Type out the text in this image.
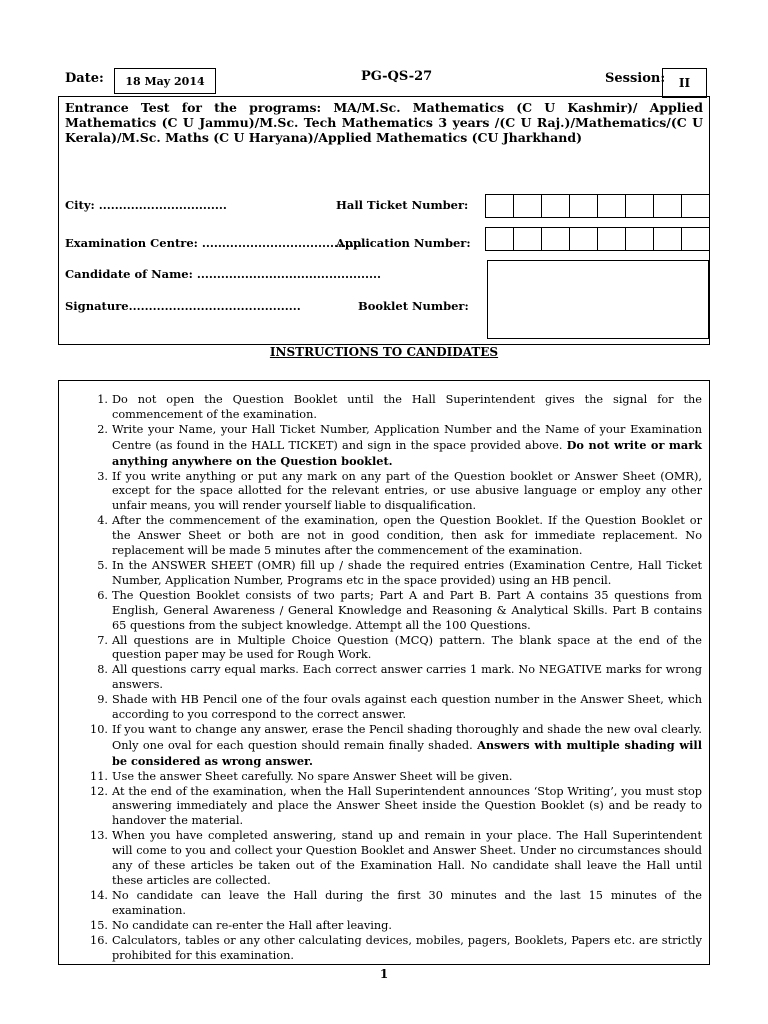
Date:	18 May 2014	PG-QS-27	Session:	II
Entrance Test for the programs: MA/M.Sc. Mathematics (C U Kashmir)/ Applied Mathematics (C U Jammu)/M.Sc. Tech Mathematics 3 years /(C U Raj.)/Mathematics/(C U Kerala)/M.Sc. Maths (C U Haryana)/Applied Mathematics (CU Jharkhand)
City: ................................	Hall Ticket Number:
Examination Centre: ..........................................
Application Number:
Candidate of Name: ..............................................
Signature...........................................	Booklet Number:
INSTRUCTIONS TO CANDIDATES
1. Do not open the Question Booklet until the Hall Superintendent gives the signal for the commencement of the examination.
2. Write your Name, your Hall Ticket Number, Application Number and the Name of your Examination Centre (as found in the HALL TICKET) and sign in the space provided above. Do not write or mark anything anywhere on the Question booklet.
3. If you write anything or put any mark on any part of the Question booklet or Answer Sheet (OMR), except for the space allotted for the relevant entries, or use abusive language or employ any other unfair means, you will render yourself liable to disqualification.
4. After the commencement of the examination, open the Question Booklet. If the Question Booklet or the Answer Sheet or both are not in good condition, then ask for immediate replacement. No replacement will be made 5 minutes after the commencement of the examination.
5. In the ANSWER SHEET (OMR) fill up / shade the required entries (Examination Centre, Hall Ticket Number, Application Number, Programs etc in the space provided) using an HB pencil.
6. The Question Booklet consists of two parts; Part A and Part B. Part A contains 35 questions from English, General Awareness / General Knowledge and Reasoning & Analytical Skills. Part B contains 65 questions from the subject knowledge. Attempt all the 100 Questions.
7. All questions are in Multiple Choice Question (MCQ) pattern. The blank space at the end of the question paper may be used for Rough Work.
8. All questions carry equal marks. Each correct answer carries 1 mark. No NEGATIVE marks for wrong answers.
9. Shade with HB Pencil one of the four ovals against each question number in the Answer Sheet, which according to you correspond to the correct answer.
10. If you want to change any answer, erase the Pencil shading thoroughly and shade the new oval clearly. Only one oval for each question should remain finally shaded. Answers with multiple shading will be considered as wrong answer.
11. Use the answer Sheet carefully. No spare Answer Sheet will be given.
12. At the end of the examination, when the Hall Superintendent announces ‘Stop Writing’, you must stop answering immediately and place the Answer Sheet inside the Question Booklet (s) and be ready to handover the material.
13. When you have completed answering, stand up and remain in your place. The Hall Superintendent will come to you and collect your Question Booklet and Answer Sheet. Under no circumstances should any of these articles be taken out of the Examination Hall. No candidate shall leave the Hall until these articles are collected.
14. No candidate can leave the Hall during the first 30 minutes and the last 15 minutes of the examination.
15. No candidate can re-enter the Hall after leaving.
16. Calculators, tables or any other calculating devices, mobiles, pagers, Booklets, Papers etc. are strictly prohibited for this examination.
1
